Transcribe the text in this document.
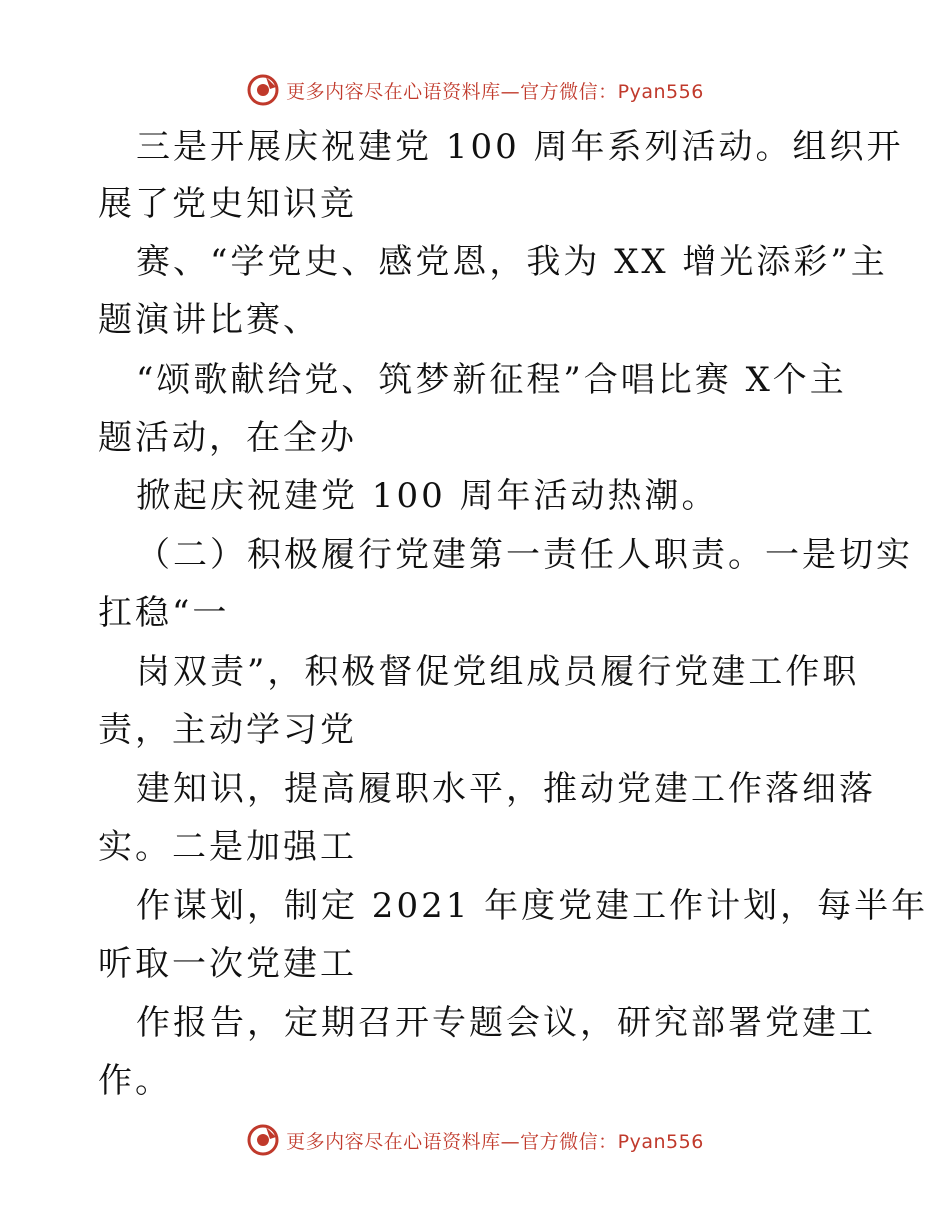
更多内容尽在心语资料库—官方微信：Pyan556
三是开展庆祝建党 100 周年系列活动。组织开
展了党史知识竞
赛、“学党史、感党恩，我为 XX 增光添彩”主
题演讲比赛、
“颂歌献给党、筑梦新征程”合唱比赛 X个主
题活动，在全办
掀起庆祝建党 100 周年活动热潮。
（二）积极履行党建第一责任人职责。一是切实
扛稳“一
岗双责”，积极督促党组成员履行党建工作职
责，主动学习党
建知识，提高履职水平，推动党建工作落细落
实。二是加强工
作谋划，制定 2021 年度党建工作计划，每半年
听取一次党建工
作报告，定期召开专题会议，研究部署党建工
作。
更多内容尽在心语资料库—官方微信：Pyan556
